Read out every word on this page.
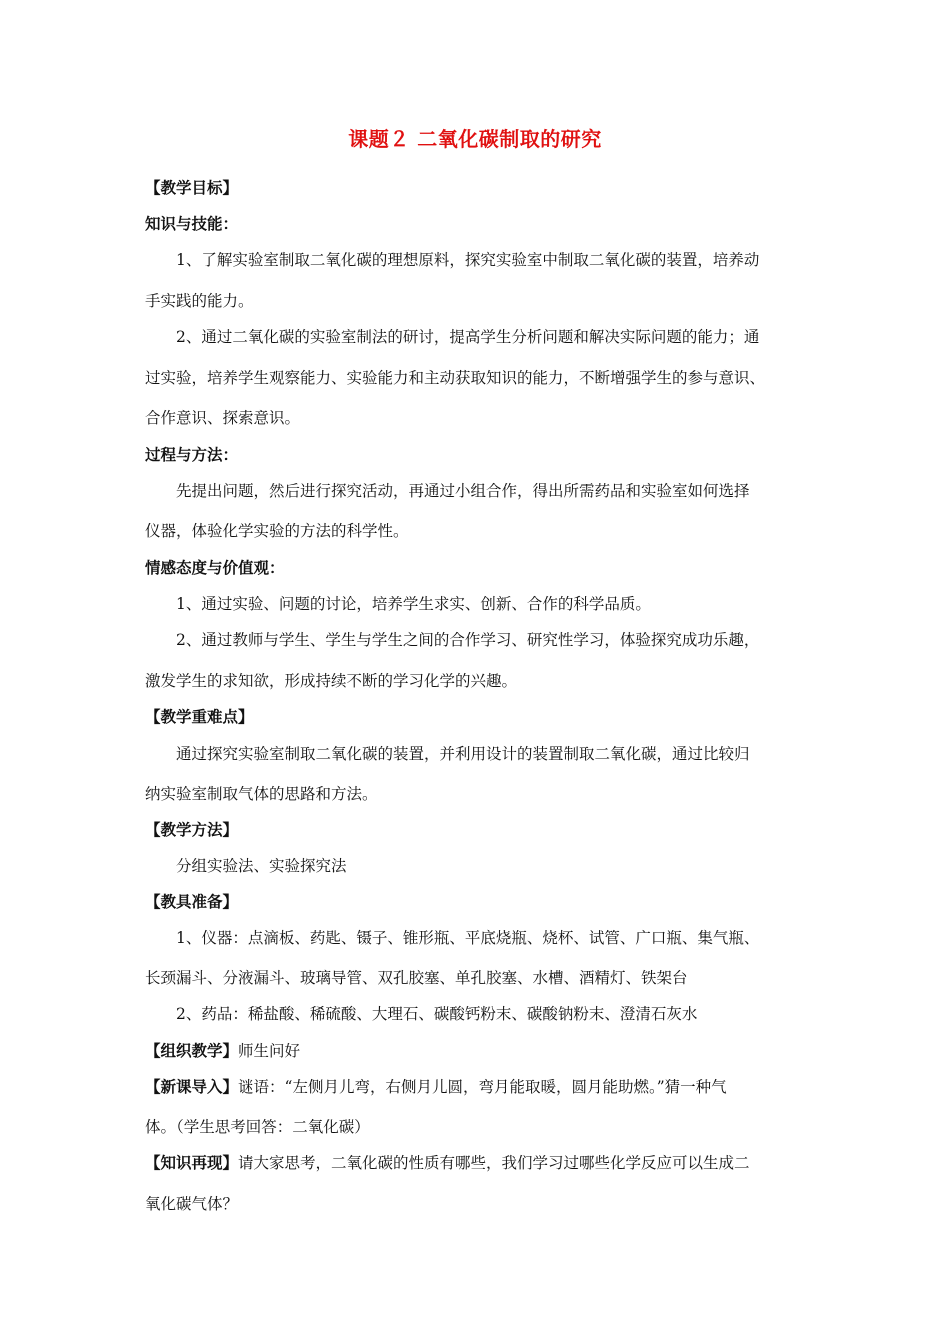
课题２ 二氧化碳制取的研究
【教学目标】
知识与技能：
1、了解实验室制取二氧化碳的理想原料，探究实验室中制取二氧化碳的装置，培养动
手实践的能力。
2、通过二氧化碳的实验室制法的研讨，提高学生分析问题和解决实际问题的能力；通
过实验，培养学生观察能力、实验能力和主动获取知识的能力，不断增强学生的参与意识、
合作意识、探索意识。
过程与方法：
先提出问题，然后进行探究活动，再通过小组合作，得出所需药品和实验室如何选择
仪器，体验化学实验的方法的科学性。
情感态度与价值观：
1、通过实验、问题的讨论，培养学生求实、创新、合作的科学品质。
2、通过教师与学生、学生与学生之间的合作学习、研究性学习，体验探究成功乐趣，
激发学生的求知欲，形成持续不断的学习化学的兴趣。
【教学重难点】
通过探究实验室制取二氧化碳的装置，并利用设计的装置制取二氧化碳，通过比较归
纳实验室制取气体的思路和方法。
【教学方法】
分组实验法、实验探究法
【教具准备】
1、仪器：点滴板、药匙、镊子、锥形瓶、平底烧瓶、烧杯、试管、广口瓶、集气瓶、
长颈漏斗、分液漏斗、玻璃导管、双孔胶塞、单孔胶塞、水槽、酒精灯、铁架台
2、药品：稀盐酸、稀硫酸、大理石、碳酸钙粉末、碳酸钠粉末、澄清石灰水
【组织教学】师生问好
【新课导入】谜语：“左侧月儿弯，右侧月儿圆，弯月能取暖，圆月能助燃。”猜一种气
体。（学生思考回答：二氧化碳）
【知识再现】请大家思考，二氧化碳的性质有哪些，我们学习过哪些化学反应可以生成二
氧化碳气体？
